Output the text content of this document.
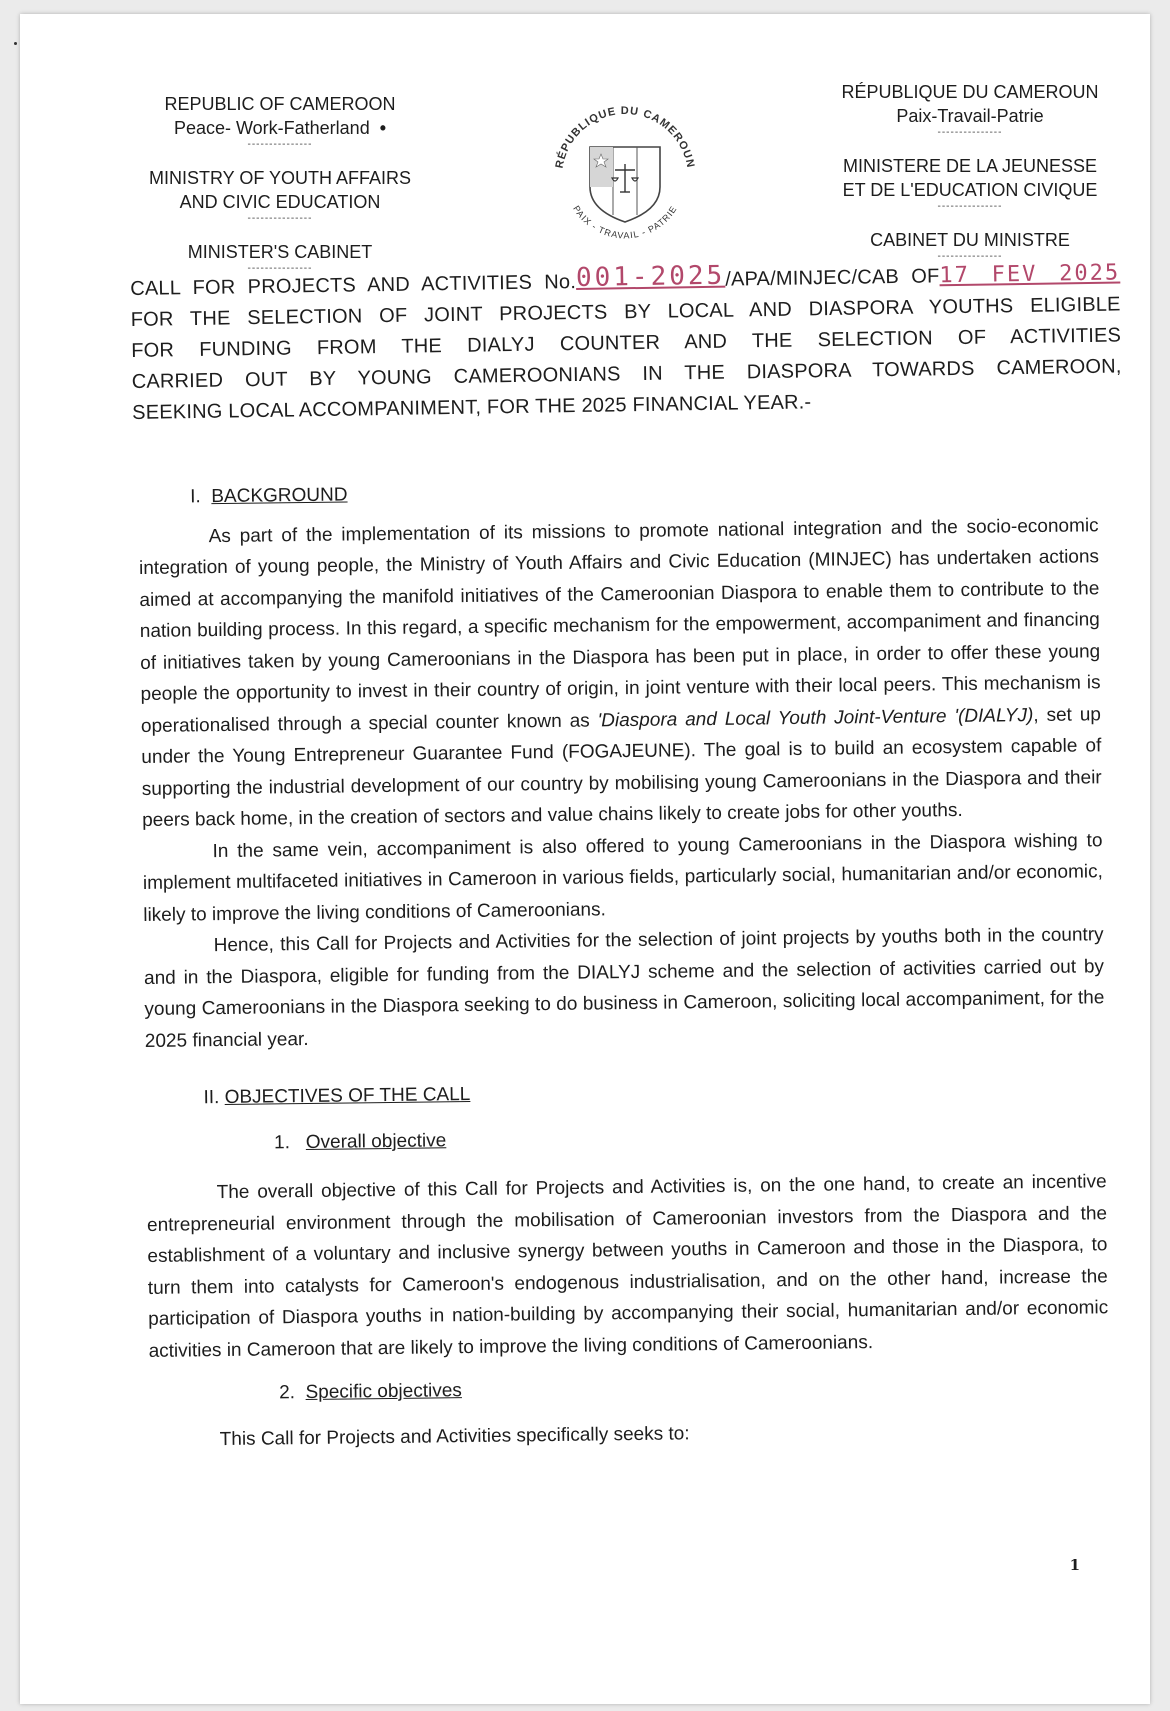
REPUBLIC OF CAMEROON
Peace- Work-Fatherland •
---------------
MINISTRY OF YOUTH AFFAIRS
AND CIVIC EDUCATION
---------------
MINISTER'S CABINET
---------------
RÉPUBLIQUE DU CAMEROUN
PAIX - TRAVAIL - PATRIE
RÉPUBLIQUE DU CAMEROUN
Paix-Travail-Patrie
---------------
MINISTERE DE LA JEUNESSE
ET DE L'EDUCATION CIVIQUE
---------------
CABINET DU MINISTRE
---------------
CALL FOR PROJECTS AND ACTIVITIES No.001-2025/APA/MINJEC/CAB OF17 FEV 2025
FOR THE SELECTION OF JOINT PROJECTS BY LOCAL AND DIASPORA YOUTHS ELIGIBLE
FOR FUNDING FROM THE DIALYJ COUNTER AND THE SELECTION OF ACTIVITIES
CARRIED OUT BY YOUNG CAMEROONIANS IN THE DIASPORA TOWARDS CAMEROON,
SEEKING LOCAL ACCOMPANIMENT, FOR THE 2025 FINANCIAL YEAR.-

I. BACKGROUND

As part of the implementation of its missions to promote national integration and the socio-economic integration of young people, the Ministry of Youth Affairs and Civic Education (MINJEC) has undertaken actions aimed at accompanying the manifold initiatives of the Cameroonian Diaspora to enable them to contribute to the nation building process. In this regard, a specific mechanism for the empowerment, accompaniment and financing of initiatives taken by young Cameroonians in the Diaspora has been put in place, in order to offer these young people the opportunity to invest in their country of origin, in joint venture with their local peers. This mechanism is operationalised through a special counter known as 'Diaspora and Local Youth Joint-Venture '(DIALYJ), set up under the Young Entrepreneur Guarantee Fund (FOGAJEUNE). The goal is to build an ecosystem capable of supporting the industrial development of our country by mobilising young Cameroonians in the Diaspora and their peers back home, in the creation of sectors and value chains likely to create jobs for other youths.

In the same vein, accompaniment is also offered to young Cameroonians in the Diaspora wishing to implement multifaceted initiatives in Cameroon in various fields, particularly social, humanitarian and/or economic, likely to improve the living conditions of Cameroonians.

Hence, this Call for Projects and Activities for the selection of joint projects by youths both in the country and in the Diaspora, eligible for funding from the DIALYJ scheme and the selection of activities carried out by young Cameroonians in the Diaspora seeking to do business in Cameroon, soliciting local accompaniment, for the 2025 financial year.

II. OBJECTIVES OF THE CALL

1. Overall objective

The overall objective of this Call for Projects and Activities is, on the one hand, to create an incentive entrepreneurial environment through the mobilisation of Cameroonian investors from the Diaspora and the establishment of a voluntary and inclusive synergy between youths in Cameroon and those in the Diaspora, to turn them into catalysts for Cameroon's endogenous industrialisation, and on the other hand, increase the participation of Diaspora youths in nation-building by accompanying their social, humanitarian and/or economic activities in Cameroon that are likely to improve the living conditions of Cameroonians.

2. Specific objectives

This Call for Projects and Activities specifically seeks to:

1
